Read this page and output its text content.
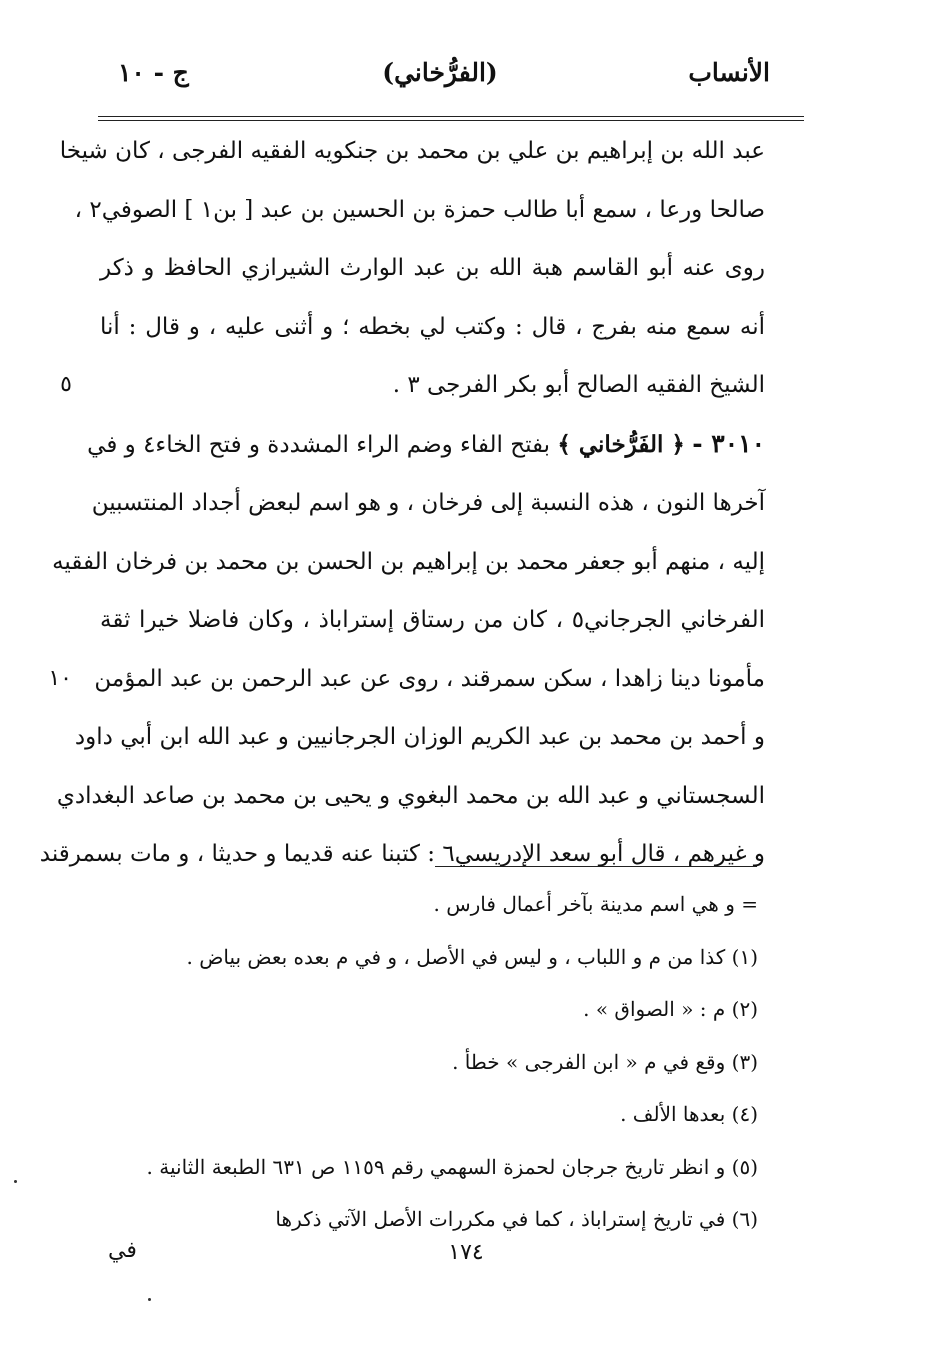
الأنساب
(الفرُّخاني)
ج - ١٠
عبد الله بن إبراهيم بن علي بن محمد بن جنكويه الفقيه الفرجى ، كان شيخا
صالحا ورعا ، سمع أبا طالب حمزة بن الحسين بن عبد [ بن١ ] الصوفي٢ ،
روى عنه أبو القاسم هبة الله بن عبد الوارث الشيرازي الحافظ و ذكر
أنه سمع منه بفرج ، قال : وكتب لي بخطه ؛ و أثنى عليه ، و قال : أنا
الشيخ الفقيه الصالح أبو بكر الفرجى ٣ .
٥
٣٠١٠ - ﴿ الفَرُّخاني ﴾ بفتح الفاء وضم الراء المشددة و فتح الخاء٤ و في
آخرها النون ، هذه النسبة إلى فرخان ، و هو اسم لبعض أجداد المنتسبين
إليه ، منهم أبو جعفر محمد بن إبراهيم بن الحسن بن محمد بن فرخان الفقيه
الفرخاني الجرجاني٥ ، كان من رستاق إستراباذ ، وكان فاضلا خيرا ثقة
مأمونا دينا زاهدا ، سكن سمرقند ، روى عن عبد الرحمن بن عبد المؤمن
١٠
و أحمد بن محمد بن عبد الكريم الوزان الجرجانيين و عبد الله ابن أبي داود
السجستاني و عبد الله بن محمد البغوي و يحيى بن محمد بن صاعد البغدادي
و غيرهم ، قال أبو سعد الإدريسي٦ : كتبنا عنه قديما و حديثا ، و مات بسمرقند
= و هي اسم مدينة بآخر أعمال فارس .
(١) كذا من م و اللباب ، و ليس في الأصل ، و في م بعده بعض بياض .
(٢) م : « الصواق » .
(٣) وقع في م « ابن الفرجى » خطأ .
(٤) بعدها الألف .
(٥) و انظر تاريخ جرجان لحمزة السهمي رقم ١١٥٩ ص ٦٣١ الطبعة الثانية .
(٦) في تاريخ إستراباذ ، كما في مكررات الأصل الآتي ذكرها
١٧٤
في
